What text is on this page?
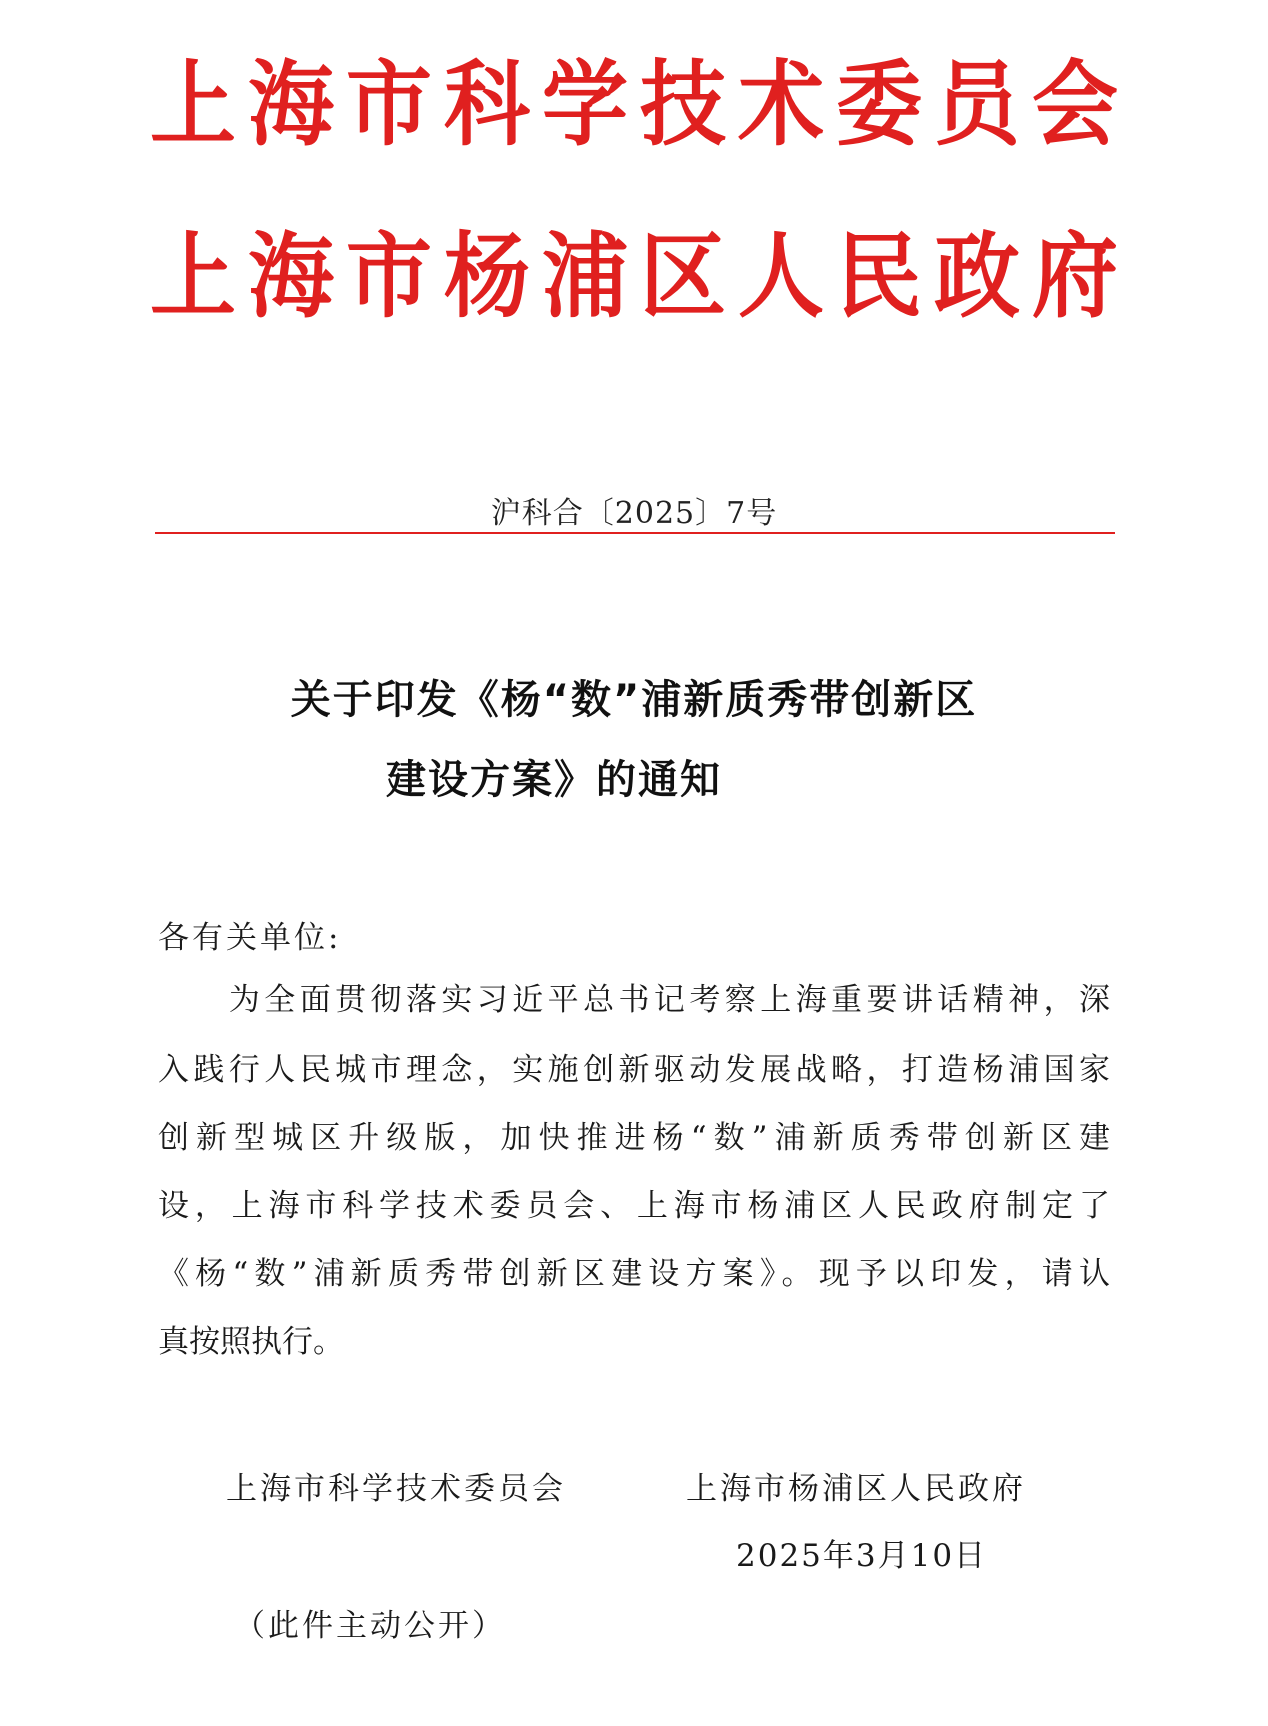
上 海 市 科 学 技 术 委 员 会
上 海 市 杨 浦 区 人 民 政 府
沪科合〔2025〕7号
关于印发《杨“数”浦新质秀带创新区
建设方案》的通知
各有关单位:
　　为全面贯彻落实习近平总书记考察上海重要讲话精神，深
入践行人民城市理念，实施创新驱动发展战略，打造杨浦国家
创新型城区升级版，加快推进杨“数”浦新质秀带创新区建
设，上海市科学技术委员会、上海市杨浦区人民政府制定了
《杨“数”浦新质秀带创新区建设方案》。现予以印发，请认
真按照执行。
上海市科学技术委员会	上海市杨浦区人民政府
2025年3月10日
（此件主动公开）
